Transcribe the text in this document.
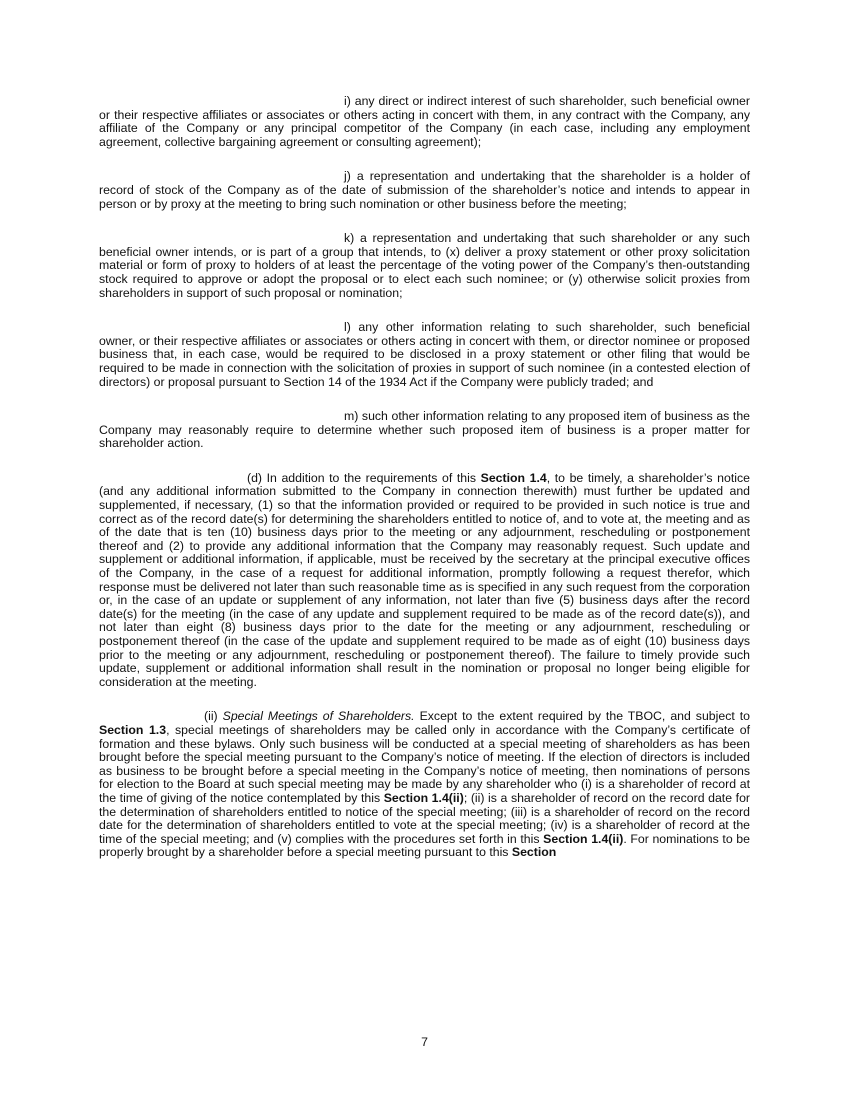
i) any direct or indirect interest of such shareholder, such beneficial owner or their respective affiliates or associates or others acting in concert with them, in any contract with the Company, any affiliate of the Company or any principal competitor of the Company (in each case, including any employment agreement, collective bargaining agreement or consulting agreement);

j) a representation and undertaking that the shareholder is a holder of record of stock of the Company as of the date of submission of the shareholder’s notice and intends to appear in person or by proxy at the meeting to bring such nomination or other business before the meeting;

k) a representation and undertaking that such shareholder or any such beneficial owner intends, or is part of a group that intends, to (x) deliver a proxy statement or other proxy solicitation material or form of proxy to holders of at least the percentage of the voting power of the Company’s then-outstanding stock required to approve or adopt the proposal or to elect each such nominee; or (y) otherwise solicit proxies from shareholders in support of such proposal or nomination;

l) any other information relating to such shareholder, such beneficial owner, or their respective affiliates or associates or others acting in concert with them, or director nominee or proposed business that, in each case, would be required to be disclosed in a proxy statement or other filing that would be required to be made in connection with the solicitation of proxies in support of such nominee (in a contested election of directors) or proposal pursuant to Section 14 of the 1934 Act if the Company were publicly traded; and

m) such other information relating to any proposed item of business as the Company may reasonably require to determine whether such proposed item of business is a proper matter for shareholder action.

(d) In addition to the requirements of this Section 1.4, to be timely, a shareholder’s notice (and any additional information submitted to the Company in connection therewith) must further be updated and supplemented, if necessary, (1) so that the information provided or required to be provided in such notice is true and correct as of the record date(s) for determining the shareholders entitled to notice of, and to vote at, the meeting and as of the date that is ten (10) business days prior to the meeting or any adjournment, rescheduling or postponement thereof and (2) to provide any additional information that the Company may reasonably request. Such update and supplement or additional information, if applicable, must be received by the secretary at the principal executive offices of the Company, in the case of a request for additional information, promptly following a request therefor, which response must be delivered not later than such reasonable time as is specified in any such request from the corporation or, in the case of an update or supplement of any information, not later than five (5) business days after the record date(s) for the meeting (in the case of any update and supplement required to be made as of the record date(s)), and not later than eight (8) business days prior to the date for the meeting or any adjournment, rescheduling or postponement thereof (in the case of the update and supplement required to be made as of eight (10) business days prior to the meeting or any adjournment, rescheduling or postponement thereof). The failure to timely provide such update, supplement or additional information shall result in the nomination or proposal no longer being eligible for consideration at the meeting.

(ii) Special Meetings of Shareholders. Except to the extent required by the TBOC, and subject to Section 1.3, special meetings of shareholders may be called only in accordance with the Company’s certificate of formation and these bylaws. Only such business will be conducted at a special meeting of shareholders as has been brought before the special meeting pursuant to the Company’s notice of meeting. If the election of directors is included as business to be brought before a special meeting in the Company’s notice of meeting, then nominations of persons for election to the Board at such special meeting may be made by any shareholder who (i) is a shareholder of record at the time of giving of the notice contemplated by this Section 1.4(ii); (ii) is a shareholder of record on the record date for the determination of shareholders entitled to notice of the special meeting; (iii) is a shareholder of record on the record date for the determination of shareholders entitled to vote at the special meeting; (iv) is a shareholder of record at the time of the special meeting; and (v) complies with the procedures set forth in this Section 1.4(ii). For nominations to be properly brought by a shareholder before a special meeting pursuant to this Section

7
